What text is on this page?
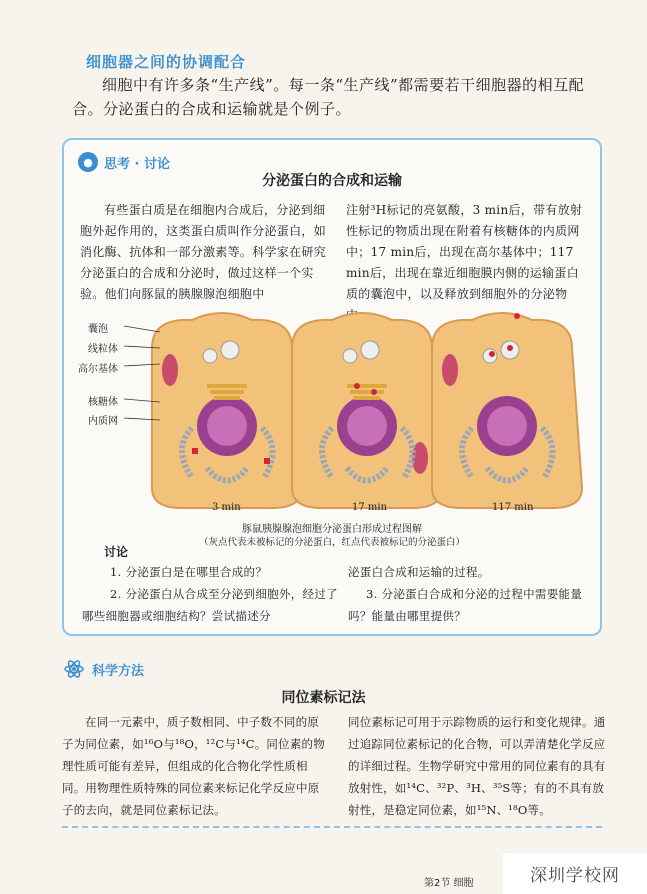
细胞器之间的协调配合

细胞中有许多条“生产线”。每一条“生产线”都需要若干细胞器的相互配合。分泌蛋白的合成和运输就是个例子。

● 思考 · 讨论
分泌蛋白的合成和运输
有些蛋白质是在细胞内合成后，分泌到细胞外起作用的，这类蛋白质叫作分泌蛋白，如消化酶、抗体和一部分激素等。科学家在研究分泌蛋白的合成和分泌时，做过这样一个实验。他们向豚鼠的胰腺腺泡细胞中
注射³H标记的亮氨酸，3 min后，带有放射性标记的物质出现在附着有核糖体的内质网中；17 min后，出现在高尔基体中；117 min后，出现在靠近细胞膜内侧的运输蛋白质的囊泡中，以及释放到细胞外的分泌物
囊泡
线粒体
高尔基体
核糖体
内质网
3 min	17 min	117 min
豚鼠胰腺腺泡细胞分泌蛋白形成过程图解
（灰点代表未被标记的分泌蛋白，红点代表被标记的分泌蛋白）
讨论
1. 分泌蛋白是在哪里合成的？
2. 分泌蛋白从合成至分泌到细胞外，经过了哪些细胞器或细胞结构？尝试描述分
泌蛋白合成和运输的过程。
3. 分泌蛋白合成和分泌的过程中需要能量吗？能量由哪里提供？
科学方法
同位素标记法
在同一元素中，质子数相同、中子数不同的原子为同位素，如¹⁶O与¹⁸O，¹²C与¹⁴C。同位素的物理性质可能有差异，但组成的化合物化学性质相同。用物理性质特殊的同位素来标记化学反应中原子的去向，就是同位素标记法。
同位素标记可用于示踪物质的运行和变化规律。通过追踪同位素标记的化合物，可以弄清楚化学反应的详细过程。生物学研究中常用的同位素有的具有放射性，如¹⁴C、³²P、³H、³⁵S等；有的不具有放射性，是稳定同位素，如¹⁵N、¹⁸O等。
第2节 细胞	深圳学校网
